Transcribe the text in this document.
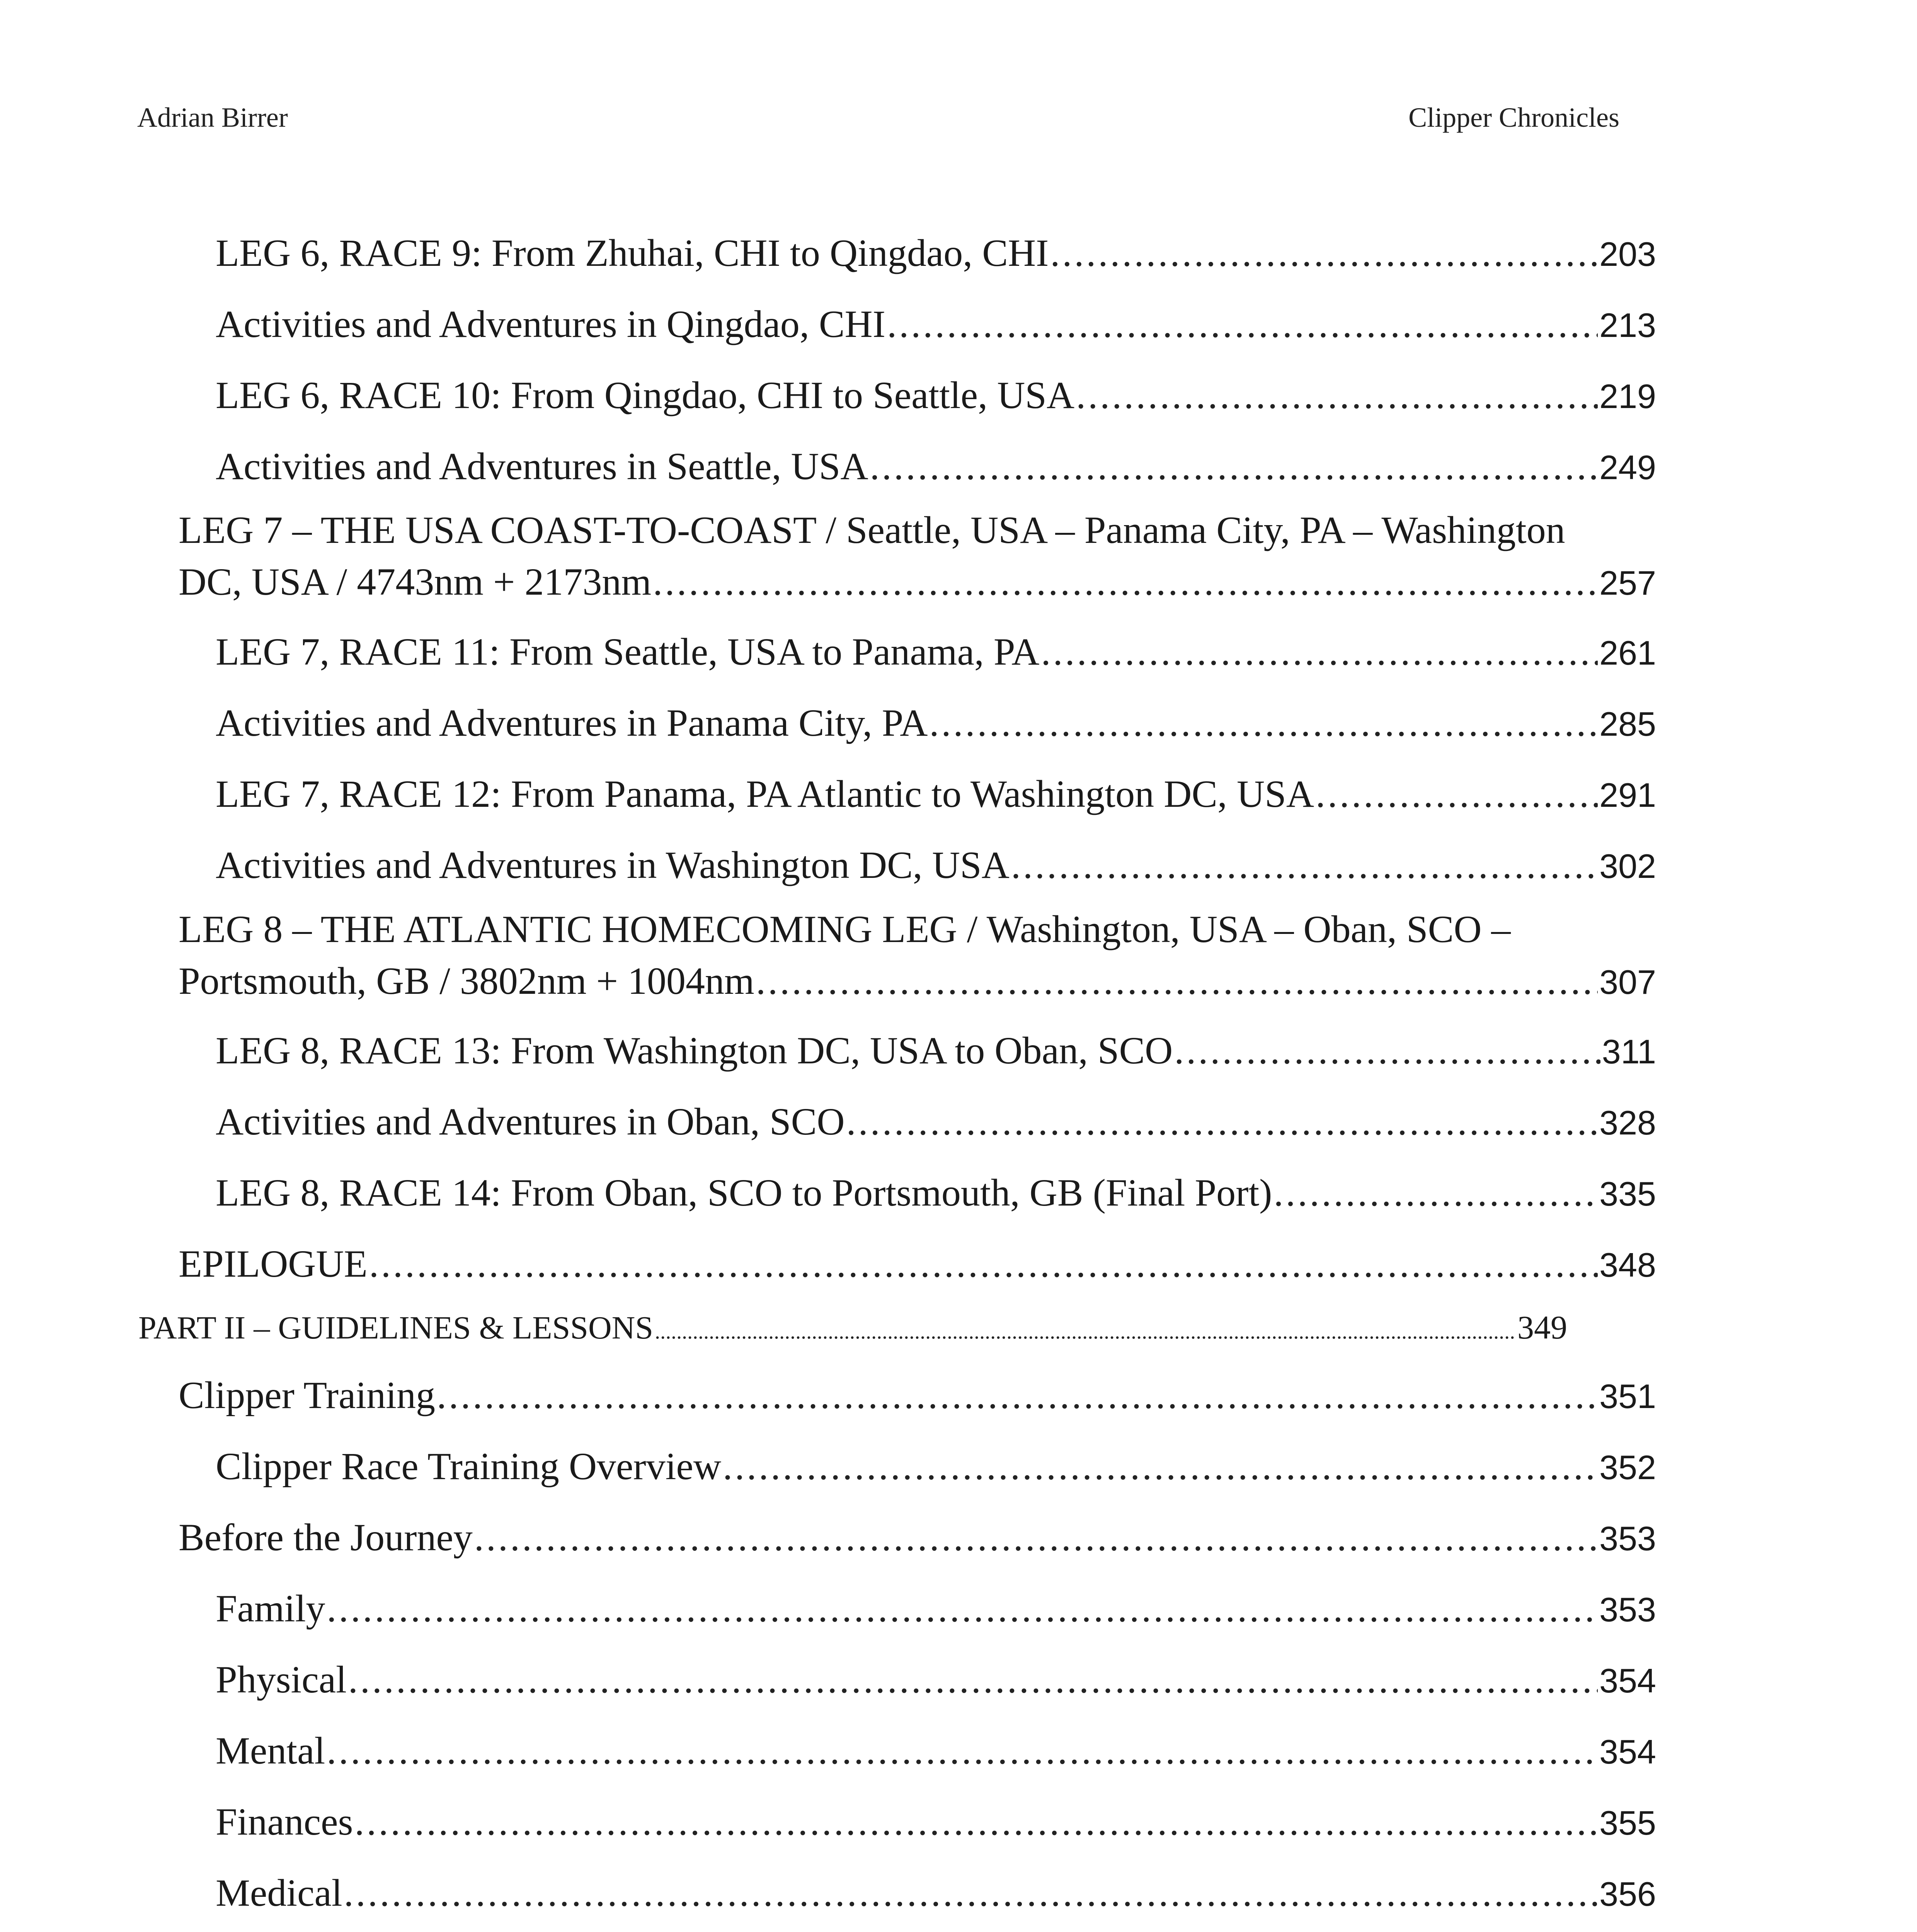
Adrian Birrer	Clipper Chronicles
LEG 6, RACE 9: From Zhuhai, CHI to Qingdao, CHI .....	203
Activities and Adventures in Qingdao, CHI .....	213
LEG 6, RACE 10: From Qingdao, CHI to Seattle, USA .....	219
Activities and Adventures in Seattle, USA .....	249
LEG 7 – THE USA COAST-TO-COAST / Seattle, USA – Panama City, PA – Washington
DC, USA / 4743nm + 2173nm .....	257
LEG 7, RACE 11: From Seattle, USA to Panama, PA .....	261
Activities and Adventures in Panama City, PA .....	285
LEG 7, RACE 12: From Panama, PA Atlantic to Washington DC, USA .....	291
Activities and Adventures in Washington DC, USA .....	302
LEG 8 – THE ATLANTIC HOMECOMING LEG / Washington, USA – Oban, SCO –
Portsmouth, GB / 3802nm + 1004nm .....	307
LEG 8, RACE 13: From Washington DC, USA to Oban, SCO .....	311
Activities and Adventures in Oban, SCO .....	328
LEG 8, RACE 14: From Oban, SCO to Portsmouth, GB (Final Port) .....	335
EPILOGUE .....	348
PART II – GUIDELINES & LESSONS .....	349
Clipper Training .....	351
Clipper Race Training Overview .....	352
Before the Journey .....	353
Family .....	353
Physical .....	354
Mental .....	354
Finances .....	355
Medical .....	356
